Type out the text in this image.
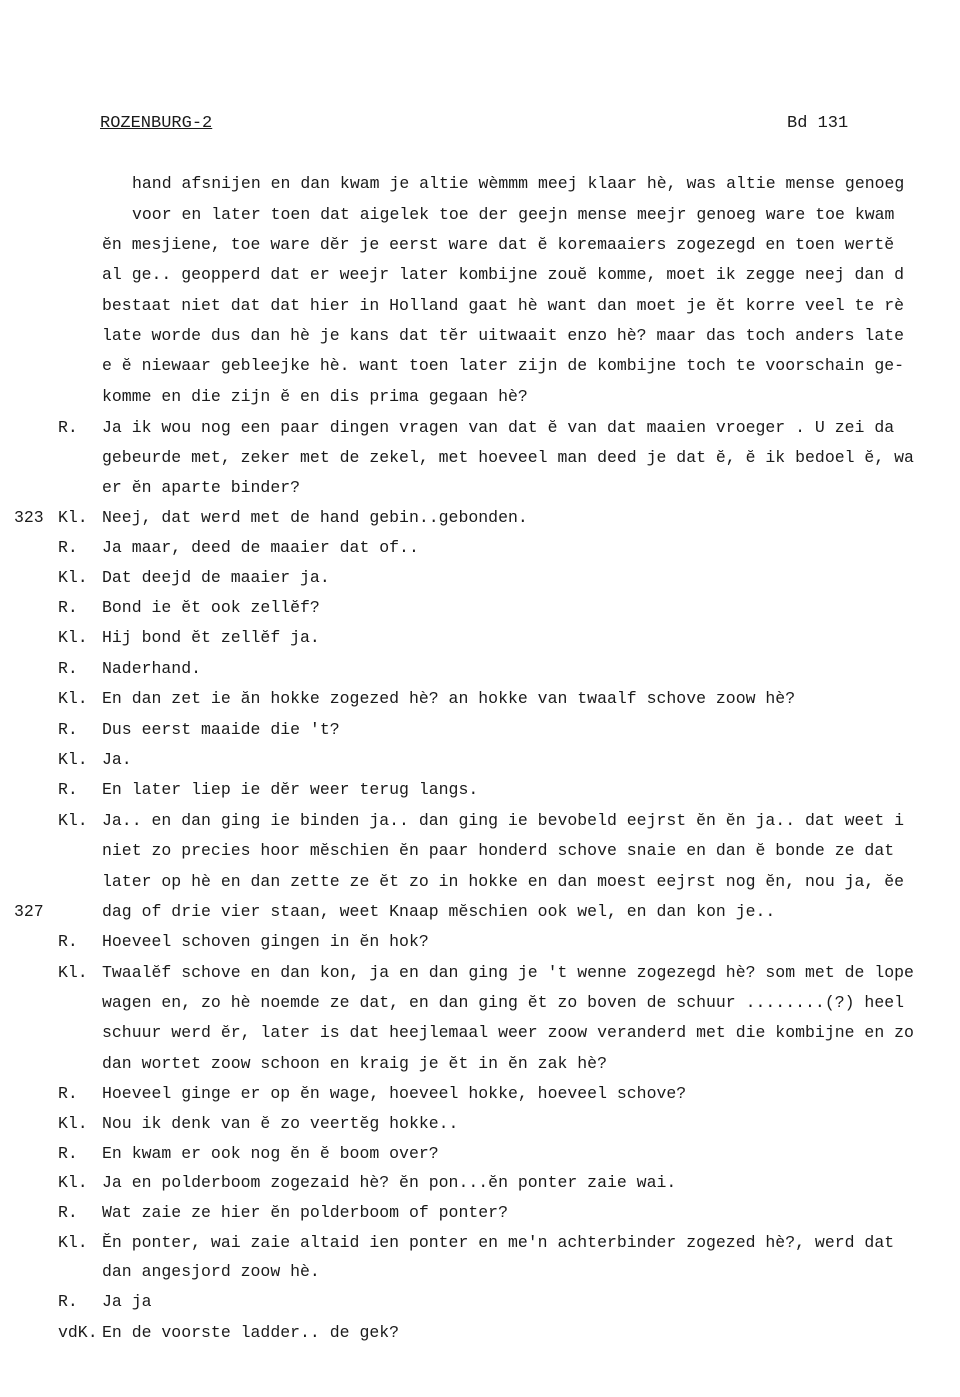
ROZENBURG-2	Bd 131
hand afsnijen en dan kwam je altie wèmmm meej klaar hè, was altie mense genoeg
voor en later toen dat aigelek toe der geejn mense meejr genoeg ware toe kwam
ĕn mesjiene, toe ware dĕr je eerst ware dat ĕ koremaaiers zogezegd en toen wertĕ
al ge.. geopperd dat er weejr later kombijne zouĕ komme, moet ik zegge neej dan d
bestaat niet dat dat hier in Holland gaat hè want dan moet je ĕt korre veel te rè
late worde dus dan hè je kans dat tĕr uitwaait enzo hè? maar das toch anders late
e ĕ niewaar gebleejke hè. want toen later zijn de kombijne toch te voorschain ge-
komme en die zijn ĕ en dis prima gegaan hè?
R.	Ja ik wou nog een paar dingen vragen van dat ĕ van dat maaien vroeger . U zei da
gebeurde met, zeker met de zekel, met hoeveel man deed je dat ĕ, ĕ ik bedoel ĕ, wa
er ĕn aparte binder?
323 Kl. Neej, dat werd met de hand gebin..gebonden.
R.	Ja maar, deed de maaier dat of..
Kl. Dat deejd de maaier ja.
R.	Bond ie ĕt ook zellĕf?
Kl. Hij bond ĕt zellĕf ja.
R.	Naderhand.
Kl. En dan zet ie ăn hokke zogezed hè? an hokke van twaalf schove zoow hè?
R.	Dus eerst maaide die 't?
Kl. Ja.
R.	En later liep ie dĕr weer terug langs.
Kl. Ja.. en dan ging ie binden ja.. dan ging ie bevobeld eejrst ĕn ĕn ja.. dat weet i
niet zo precies hoor mĕschien ĕn paar honderd schove snaie en dan ĕ bonde ze dat
later op hè en dan zette ze ĕt zo in hokke en dan moest eejrst nog ĕn, nou ja, ĕe
327	dag of drie vier staan, weet Knaap mĕschien ook wel, en dan kon je..
R.	Hoeveel schoven gingen in ĕn hok?
Kl. Twaalĕf schove en dan kon, ja en dan ging je 't wenne zogezegd hè? som met de lope
wagen en, zo hè noemde ze dat, en dan ging ĕt zo boven de schuur ........(?) heel
schuur werd ĕr, later is dat heejlemaal weer zoow veranderd met die kombijne en zo
dan wortet zoow schoon en kraig je ĕt in ĕn zak hè?
R.	Hoeveel ginge er op ĕn wage, hoeveel hokke, hoeveel schove?
Kl. Nou ik denk van ĕ zo veertĕg hokke..
R.	En kwam er ook nog ĕn ĕ boom over?
Kl. Ja en polderboom zogezaid hè? ĕn pon...ĕn ponter zaie wai.
R.	Wat zaie ze hier ĕn polderboom of ponter?
Kl. Ĕn ponter, wai zaie altaid ien ponter en me'n achterbinder zogezed hè?, werd dat
dan angesjord zoow hè.
R.	Ja ja
vdK. En de voorste ladder.. de gek?
